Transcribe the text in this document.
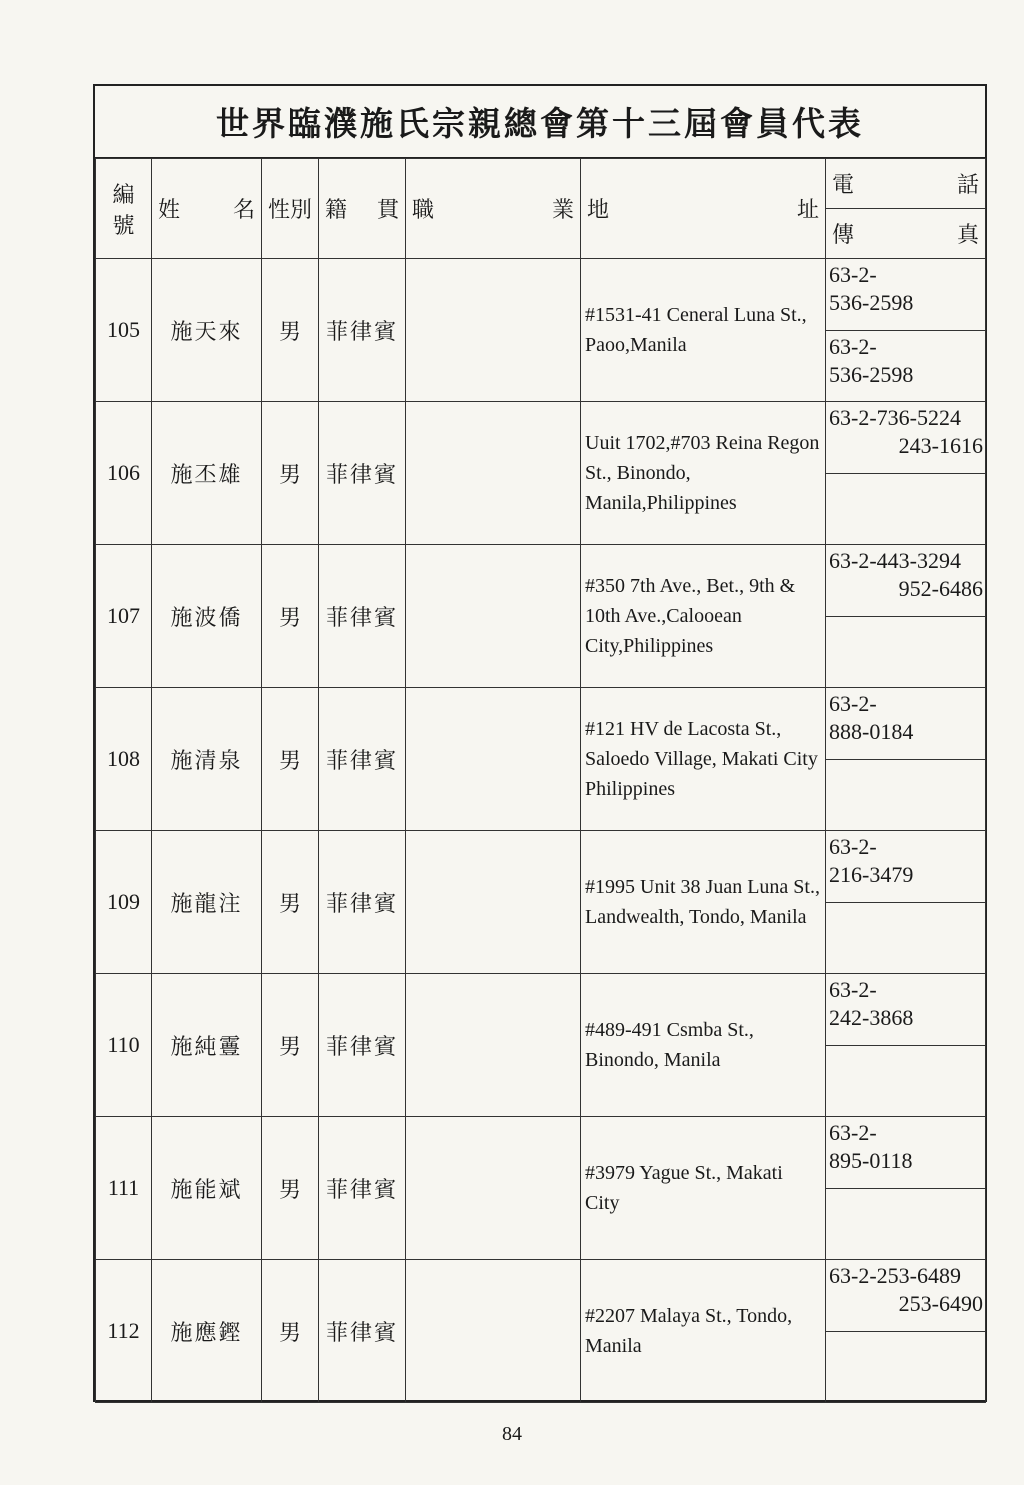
世界臨濮施氏宗親總會第十三屆會員代表
編號	姓 名	性別	籍 貫	職 業	地 址	電 話

						傳 真

105	施天來	男	菲律賓		#1531-41 Ceneral Luna St., Paoo,Manila	63-2-
536-2598
63-2-
536-2598

106	施丕雄	男	菲律賓		Uuit 1702,#703 Reina Regon St., Binondo, Manila,Philippines	63-2-736-5224
243-1616

107	施波僑	男	菲律賓		#350 7th Ave., Bet., 9th & 10th Ave.,Calooean City,Philippines	63-2-443-3294
952-6486

108	施清泉	男	菲律賓		#121 HV de Lacosta St., Saloedo Village, Makati City Philippines	63-2-
888-0184

109	施龍注	男	菲律賓		#1995 Unit 38 Juan Luna St., Landwealth, Tondo, Manila	63-2-
216-3479

110	施純霻	男	菲律賓		#489-491 Csmba St., Binondo, Manila	63-2-
242-3868

111	施能斌	男	菲律賓		#3979 Yague St., Makati City	63-2-
895-0118

112	施應鏗	男	菲律賓		#2207 Malaya St., Tondo, Manila	63-2-253-6489
253-6490
84
